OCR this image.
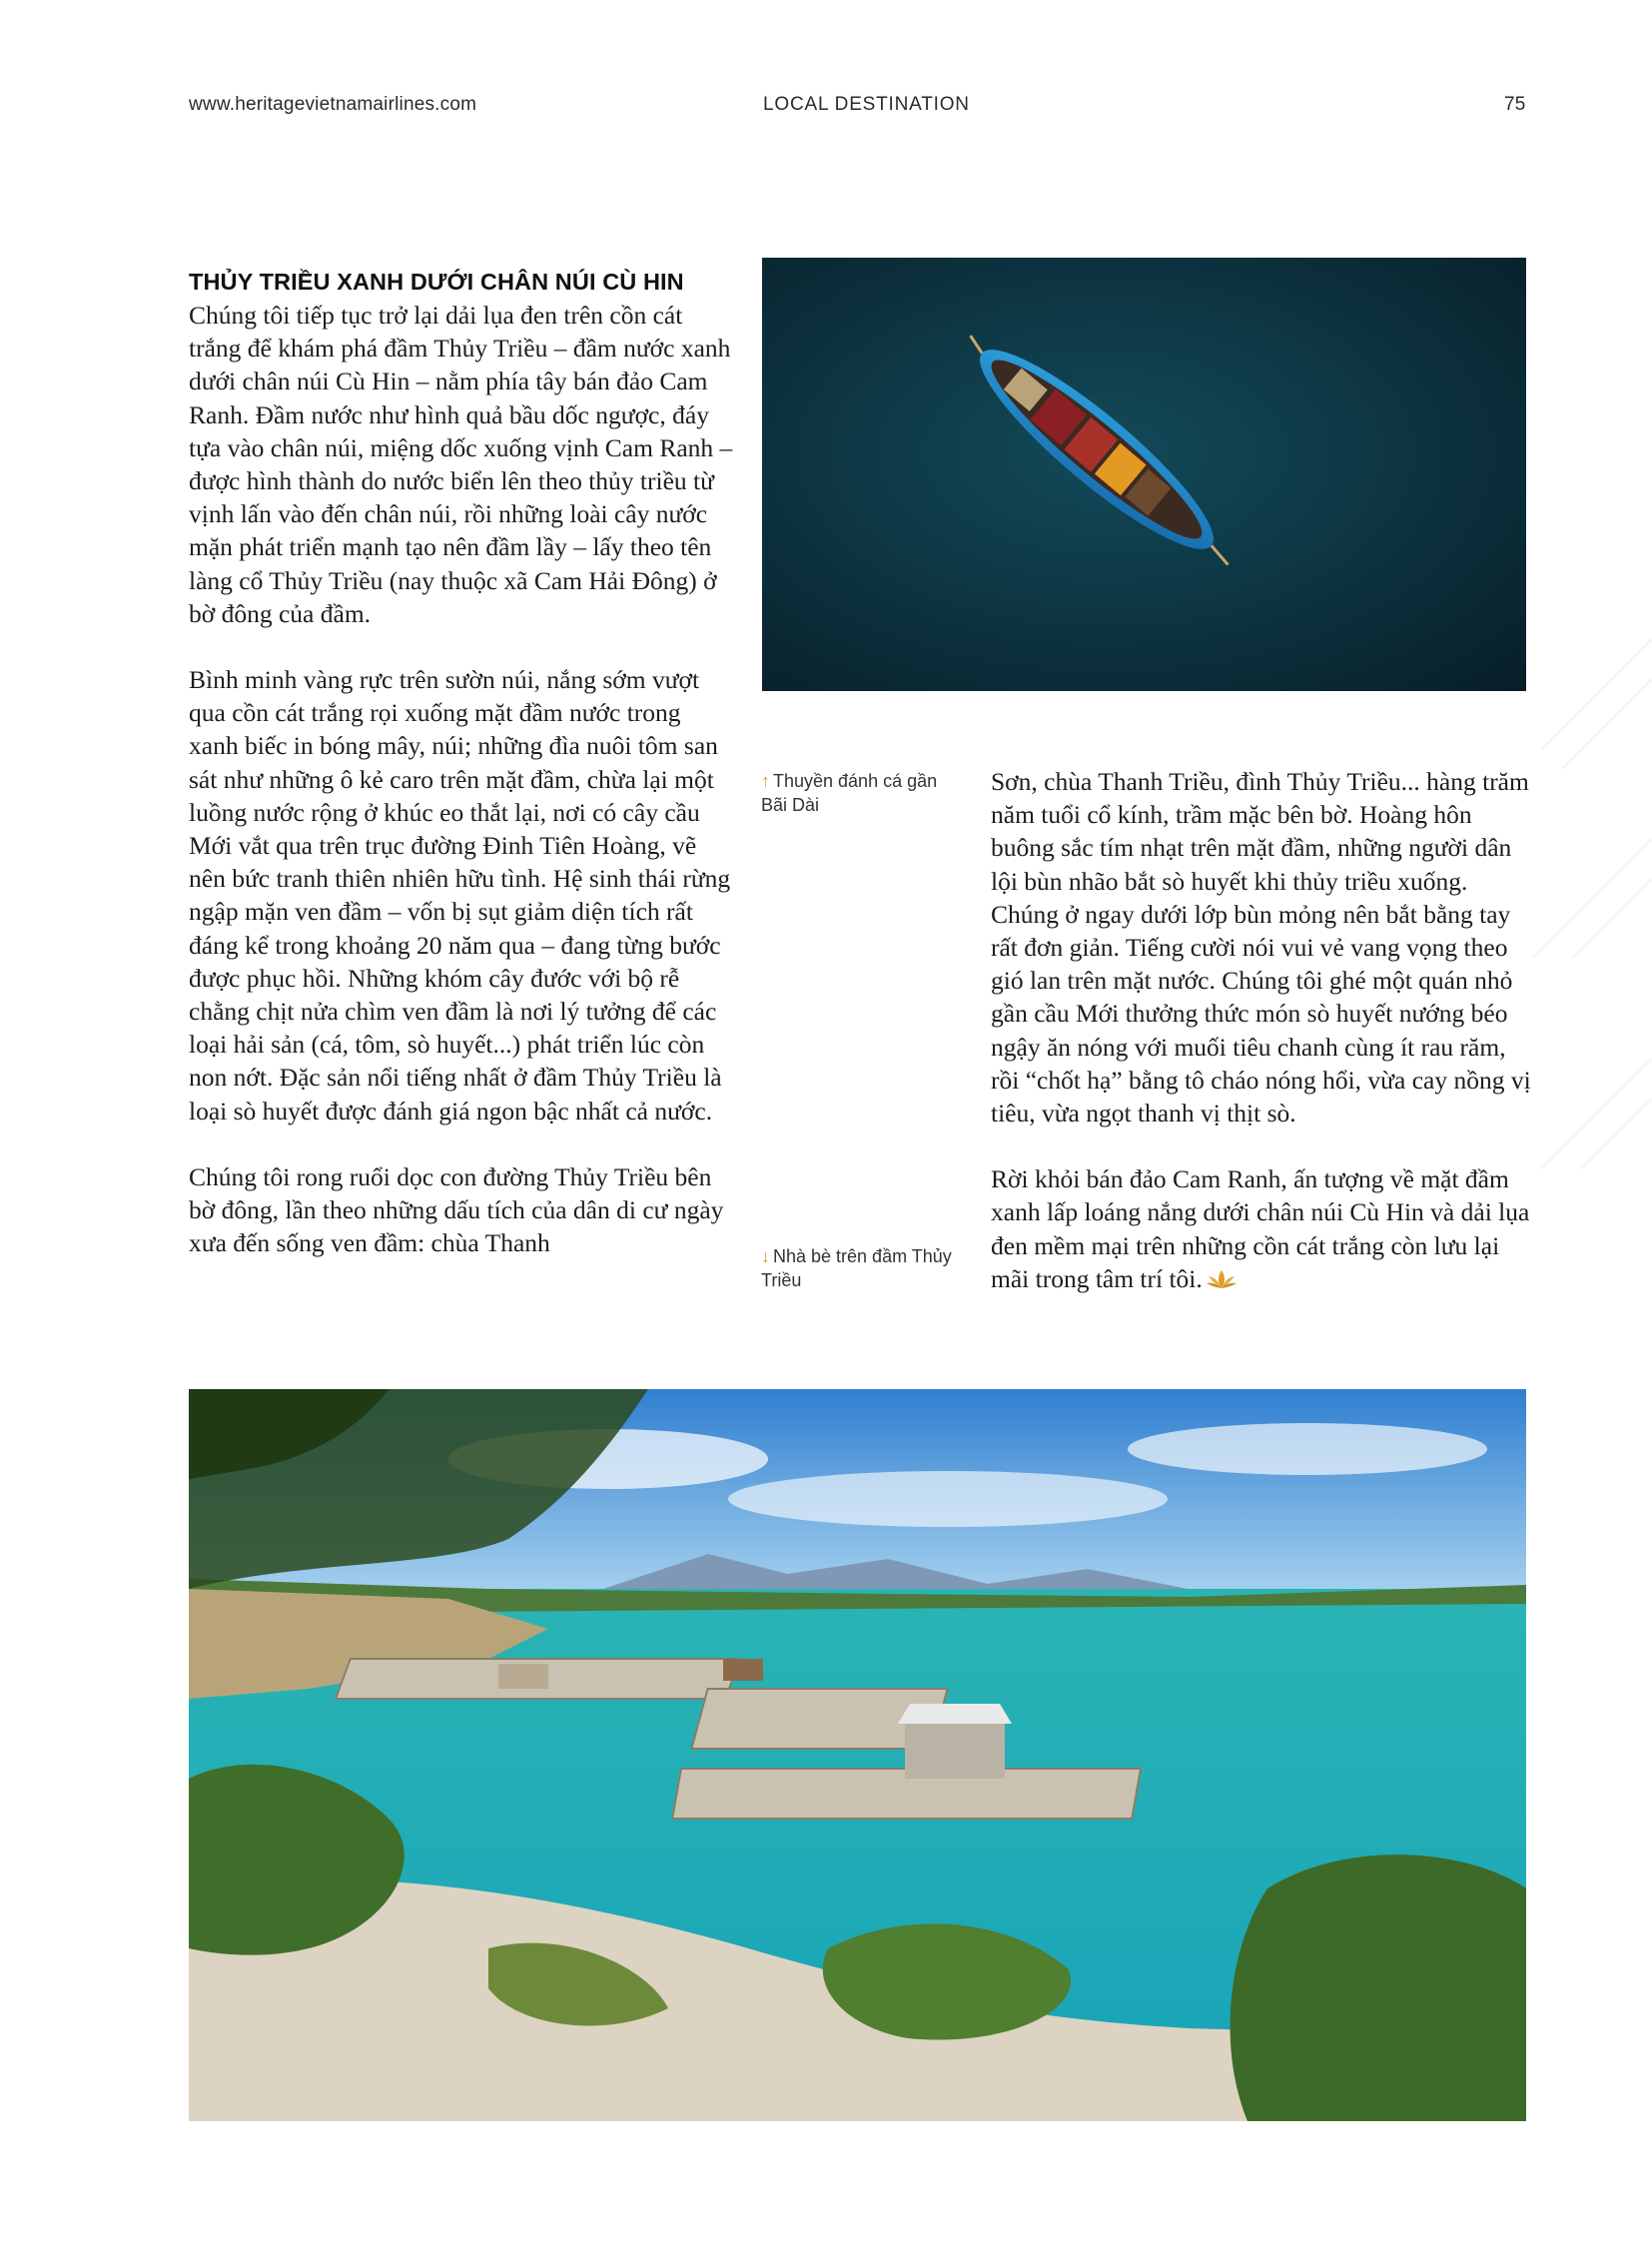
www.heritagevietnamairlines.com	LOCAL DESTINATION	75
THỦY TRIỀU XANH DƯỚI CHÂN NÚI CÙ HIN

Chúng tôi tiếp tục trở lại dải lụa đen trên cồn cát trắng để khám phá đầm Thủy Triều – đầm nước xanh dưới chân núi Cù Hin – nằm phía tây bán đảo Cam Ranh. Đầm nước như hình quả bầu dốc ngược, đáy tựa vào chân núi, miệng dốc xuống vịnh Cam Ranh – được hình thành do nước biển lên theo thủy triều từ vịnh lấn vào đến chân núi, rồi những loài cây nước mặn phát triển mạnh tạo nên đầm lầy – lấy theo tên làng cổ Thủy Triều (nay thuộc xã Cam Hải Đông) ở bờ đông của đầm.

Bình minh vàng rực trên sườn núi, nắng sớm vượt qua cồn cát trắng rọi xuống mặt đầm nước trong xanh biếc in bóng mây, núi; những đìa nuôi tôm san sát như những ô kẻ caro trên mặt đầm, chừa lại một luồng nước rộng ở khúc eo thắt lại, nơi có cây cầu Mới vắt qua trên trục đường Đinh Tiên Hoàng, vẽ nên bức tranh thiên nhiên hữu tình. Hệ sinh thái rừng ngập mặn ven đầm – vốn bị sụt giảm diện tích rất đáng kể trong khoảng 20 năm qua – đang từng bước được phục hồi. Những khóm cây đước với bộ rễ chằng chịt nửa chìm ven đầm là nơi lý tưởng để các loại hải sản (cá, tôm, sò huyết...) phát triển lúc còn non nớt. Đặc sản nổi tiếng nhất ở đầm Thủy Triều là loại sò huyết được đánh giá ngon bậc nhất cả nước.

Chúng tôi rong ruổi dọc con đường Thủy Triều bên bờ đông, lần theo những dấu tích của dân di cư ngày xưa đến sống ven đầm: chùa Thanh

↑ Thuyền đánh cá gần Bãi Dài
↓ Nhà bè trên đầm Thủy Triều

Sơn, chùa Thanh Triều, đình Thủy Triều... hàng trăm năm tuổi cổ kính, trầm mặc bên bờ. Hoàng hôn buông sắc tím nhạt trên mặt đầm, những người dân lội bùn nhão bắt sò huyết khi thủy triều xuống. Chúng ở ngay dưới lớp bùn mỏng nên bắt bằng tay rất đơn giản. Tiếng cười nói vui vẻ vang vọng theo gió lan trên mặt nước. Chúng tôi ghé một quán nhỏ gần cầu Mới thưởng thức món sò huyết nướng béo ngậy ăn nóng với muối tiêu chanh cùng ít rau răm, rồi “chốt hạ” bằng tô cháo nóng hổi, vừa cay nồng vị tiêu, vừa ngọt thanh vị thịt sò.

Rời khỏi bán đảo Cam Ranh, ấn tượng về mặt đầm xanh lấp loáng nắng dưới chân núi Cù Hin và dải lụa đen mềm mại trên những cồn cát trắng còn lưu lại mãi trong tâm trí tôi.
